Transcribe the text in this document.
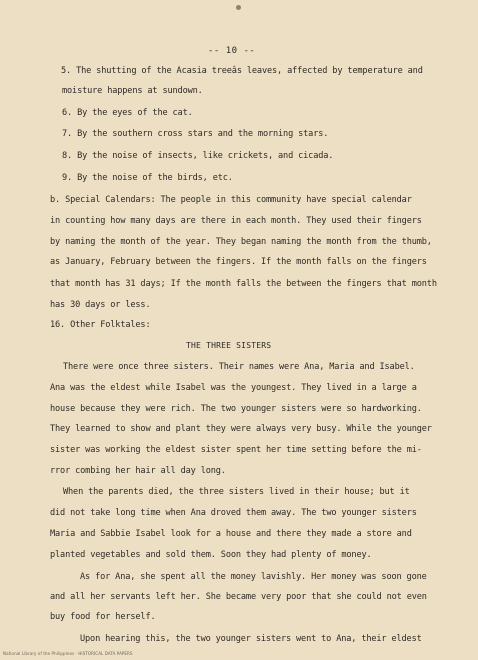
-- 10 --
5. The shutting of the Acasia treeâs leaves, affected by temperature and
moisture happens at sundown.
6. By the eyes of the cat.
7. By the southern cross stars and the morning stars.
8. By the noise of insects, like crickets, and cicada.
9. By the noise of the birds, etc.
b. Special Calendars: The people in this community have special calendar
in counting how many days are there in each month. They used their fingers
by naming the month of the year. They began naming the month from the thumb,
as January, February between the fingers. If the month falls on the fingers
that month has 31 days; If the month falls the between the fingers that month
has 30 days or less.
16. Other Folktales:
THE THREE SISTERS
There were once three sisters. Their names were Ana, Maria and Isabel.
Ana was the eldest while Isabel was the youngest. They lived in a large a
house because they were rich. The two younger sisters were so hardworking.
They learned to show and plant they were always very busy. While the younger
sister was working the eldest sister spent her time setting before the mi-
rror combing her hair all day long.
When the parents died, the three sisters lived in their house; but it
did not take long time when Ana droved them away. The two younger sisters
Maria and Sabbie Isabel look for a house and there they made a store and
planted vegetables and sold them. Soon they had plenty of money.
As for Ana, she spent all the money lavishly. Her money was soon gone
and all her servants left her. She became very poor that she could not even
buy food for herself.
Upon hearing this, the two younger sisters went to Ana, their eldest
National Library of the Philippines · HISTORICAL DATA PAPERS
